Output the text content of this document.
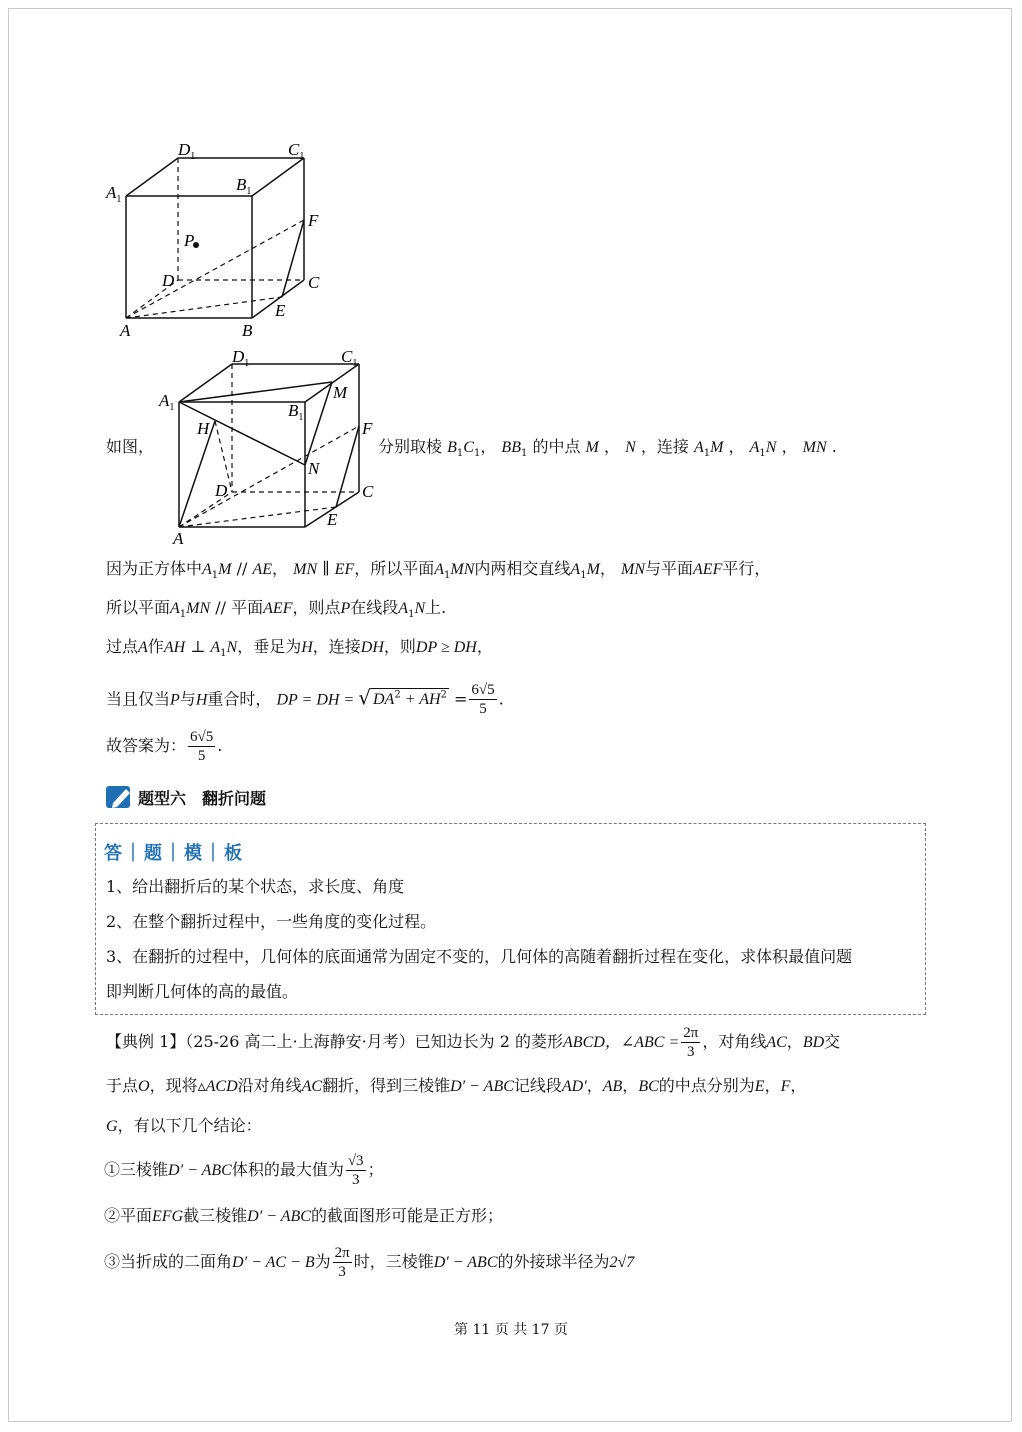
$D_1$	$C_1$
$A_1$
$B_1$
P
D	C
A	B
E
F
$D_1$	$C_1$
$A_1$	$B_1$
M
H	F
N
D	C
A
E
如图，	分别取棱 $B_1C_1$， $BB_1$ 的中点 M ， N ，连接 $A_1M$ ， $A_1N$ ， MN .
因为正方体中$A_1M$ // AE， MN ∥ EF，所以平面$A_1MN$内两相交直线$A_1M$， MN与平面AEF平行，
所以平面$A_1MN$ // 平面AEF，则点P在线段$A_1N$上.
过点A作AH ⊥ $A_1N$，垂足为H，连接DH，则DP ≥ DH，
当且仅当P与H重合时， DP = DH = √ $DA^2 + AH^2 = \frac{6√5}{5}$ .
故答案为： $\frac{6√5}{5}$ .
题型六　翻折问题
答｜题｜模｜板
1、给出翻折后的某个状态，求长度、角度
2、在整个翻折过程中，一些角度的变化过程。
3、在翻折的过程中，几何体的底面通常为固定不变的，几何体的高随着翻折过程在变化，求体积最值问题
即判断几何体的高的最值。
【典例 1】（25-26 高二上·上海静安·月考）已知边长为 2 的菱形ABCD，∠ABC = $\frac{2\pi}{3}$ ，对角线AC，BD交
于点O，现将▵ACD沿对角线AC翻折，得到三棱锥D′ − ABC记线段AD′，AB，BC的中点分别为E，F，
G，有以下几个结论：
①三棱锥D′ − ABC体积的最大值为 $\frac{√3}{3}$ ；
②平面EFG截三棱锥D′ − ABC的截面图形可能是正方形；
③当折成的二面角D′ − AC − B为 $\frac{2\pi}{3}$ 时，三棱锥D′ − ABC的外接球半径为2√7
第 11 页 共 17 页
